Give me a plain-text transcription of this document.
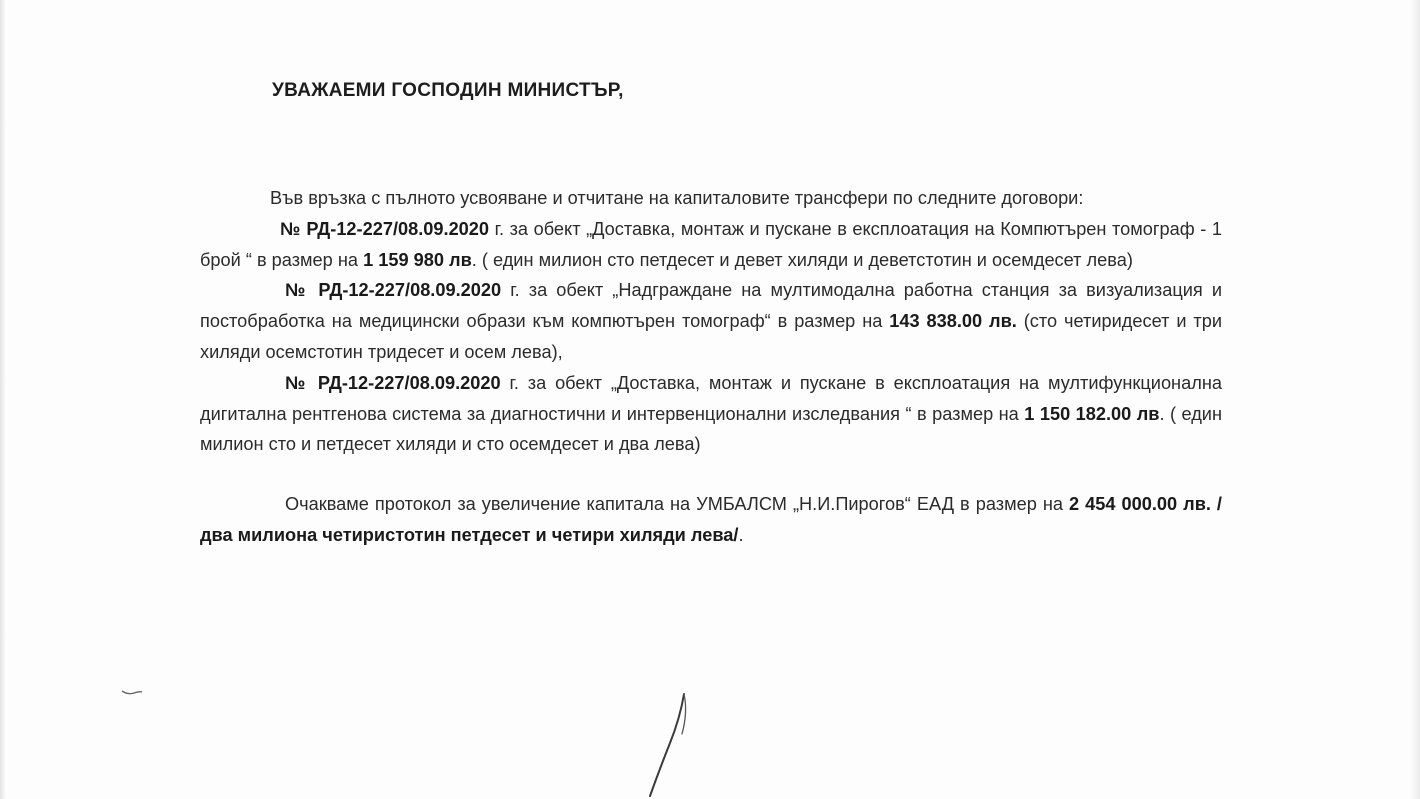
УВАЖАЕМИ ГОСПОДИН МИНИСТЪР,

Във връзка с пълното усвояване и отчитане на капиталовите трансфери по следните договори:

№ РД-12-227/08.09.2020 г. за обект „Доставка, монтаж и пускане в експлоатация на Компютърен томограф - 1 брой “ в размер на 1 159 980 лв. ( един милион сто петдесет и девет хиляди и деветстотин и осемдесет лева)

№ РД-12-227/08.09.2020 г. за обект „Надграждане на мултимодална работна станция за визуализация и постобработка на медицински образи към компютърен томограф“ в размер на 143 838.00 лв. (сто четиридесет и три хиляди осемстотин тридесет и осем лева),

№ РД-12-227/08.09.2020 г. за обект „Доставка, монтаж и пускане в експлоатация на мултифункционална дигитална рентгенова система за диагностични и интервенционални изследвания “ в размер на 1 150 182.00 лв. ( един милион сто и петдесет хиляди и сто осемдесет и два лева)

Очакваме протокол за увеличение капитала на УМБАЛСМ „Н.И.Пирогов“ ЕАД в размер на 2 454 000.00 лв. /два милиона четиристотин петдесет и четири хиляди лева/.
